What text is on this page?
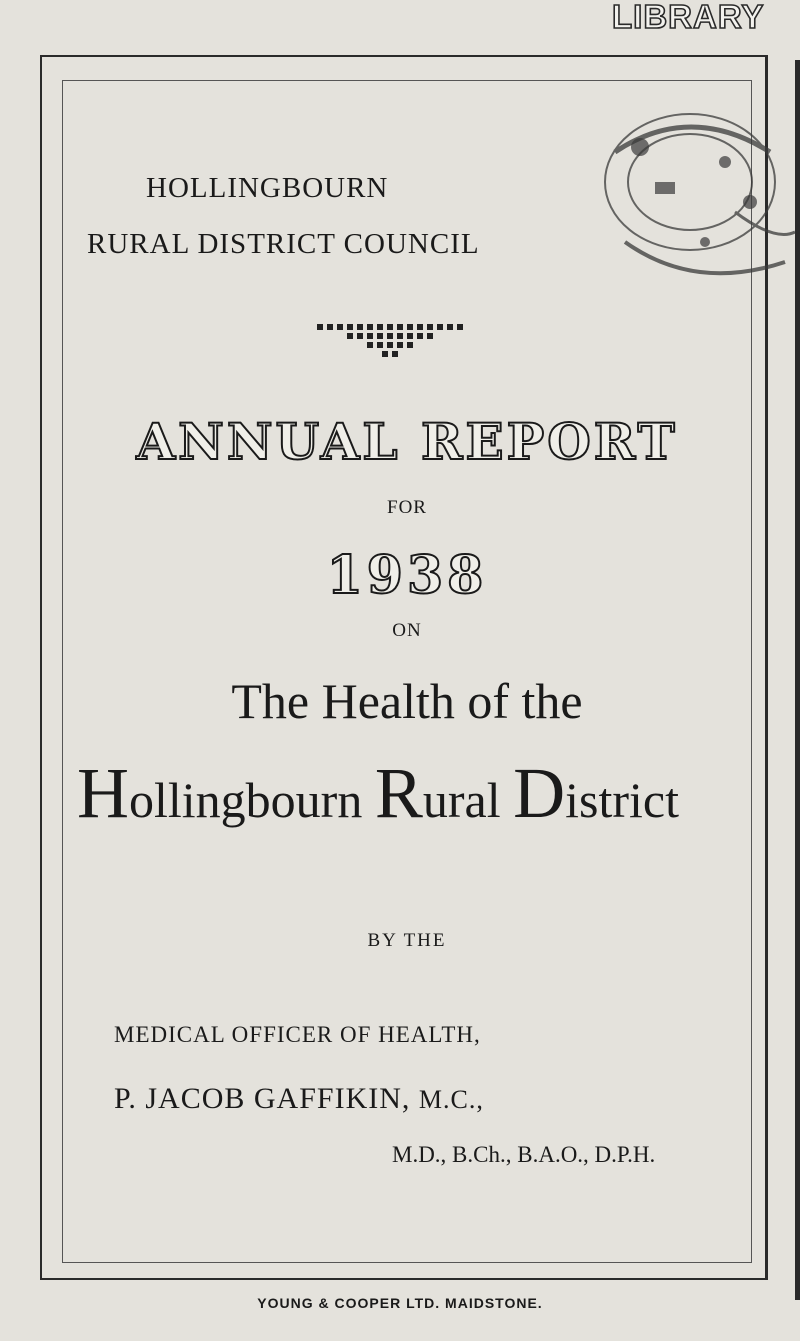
LIBRARY
HOLLINGBOURN
RURAL DISTRICT COUNCIL
ANNUAL REPORT
FOR
1938
ON
The Health of the
Hollingbourn Rural District
BY THE
MEDICAL OFFICER OF HEALTH,
P. JACOB GAFFIKIN, M.C.,
M.D., B.Ch., B.A.O., D.P.H.
YOUNG & COOPER LTD. MAIDSTONE.
